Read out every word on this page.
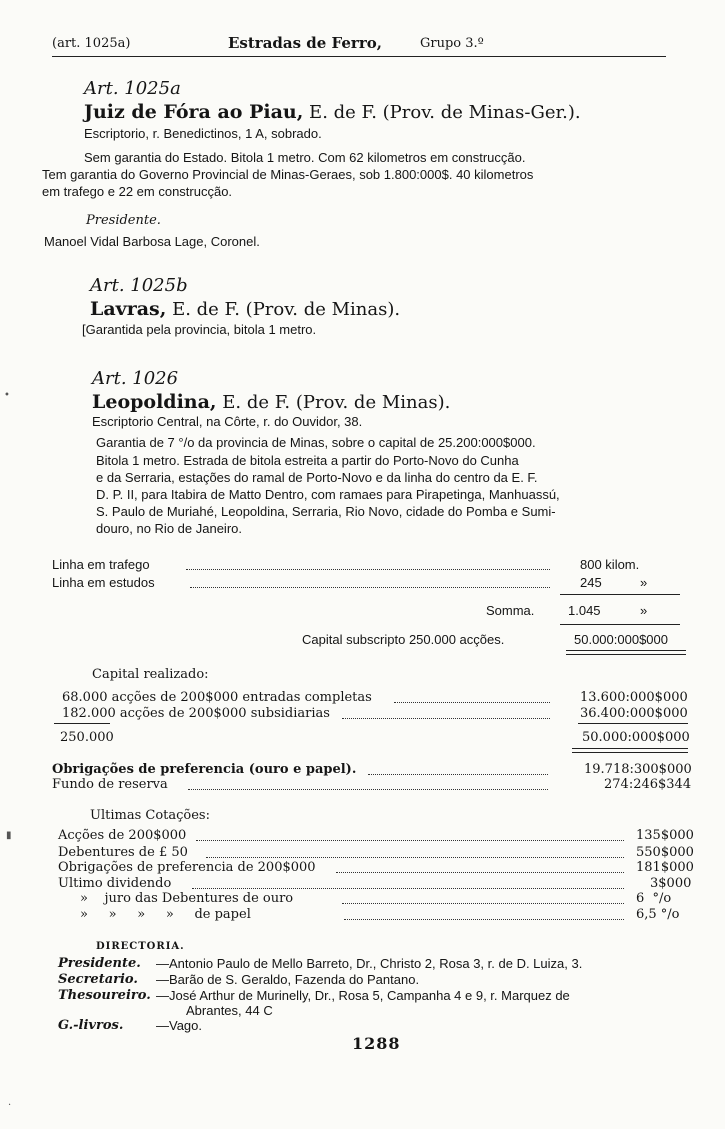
(art. 1025a)	Estradas de Ferro,	Grupo 3.º
Art. 1025a
Juiz de Fóra ao Piau, E. de F. (Prov. de Minas-Ger.).
Escriptorio, r. Benedictinos, 1 A, sobrado.
Sem garantia do Estado. Bitola 1 metro. Com 62 kilometros em construcção.
Tem garantia do Governo Provincial de Minas-Geraes, sob 1.800:000$. 40 kilometros
em trafego e 22 em construcção.
Presidente.
Manoel Vidal Barbosa Lage, Coronel.
Art. 1025b
Lavras, E. de F. (Prov. de Minas).
[Garantida pela provincia, bitola 1 metro.
Art. 1026
Leopoldina, E. de F. (Prov. de Minas).
Escriptorio Central, na Côrte, r. do Ouvidor, 38.
Garantia de 7 °/o da provincia de Minas, sobre o capital de 25.200:000$000.
Bitola 1 metro. Estrada de bitola estreita a partir do Porto-Novo do Cunha
e da Serraria, estações do ramal de Porto-Novo e da linha do centro da E. F.
D. P. II, para Itabira de Matto Dentro, com ramaes para Pirapetinga, Manhuassú,
S. Paulo de Muriahé, Leopoldina, Serraria, Rio Novo, cidade do Pomba e Sumi-
douro, no Rio de Janeiro.
Linha em trafego	800 kilom.
Linha em estudos	245	»
Somma.	1.045	»
Capital subscripto 250.000 acções.	50.000:000$000
Capital realizado:
68.000 acções de 200$000 entradas completas	13.600:000$000
182.000 acções de 200$000 subsidiarias	36.400:000$000
250.000	50.000:000$000
Obrigações de preferencia (ouro e papel).	19.718:300$000
Fundo de reserva	274:246$344
Ultimas Cotações:
Acções de 200$000	135$000
Debentures de £ 50	550$000
Obrigações de preferencia de 200$000	181$000
Ultimo dividendo	3$000
»    juro das Debentures de ouro	6  °/o
»     »     »     »     de papel	6,5 °/o
DIRECTORIA.
Presidente. —Antonio Paulo de Mello Barreto, Dr., Christo 2, Rosa 3, r. de D. Luiza, 3.
Secretario. —Barão de S. Geraldo, Fazenda do Pantano.
Thesoureiro. —José Arthur de Murinelly, Dr., Rosa 5, Campanha 4 e 9, r. Marquez de
Abrantes, 44 C
G.-livros.	—Vago.
1288
•
▮
·
